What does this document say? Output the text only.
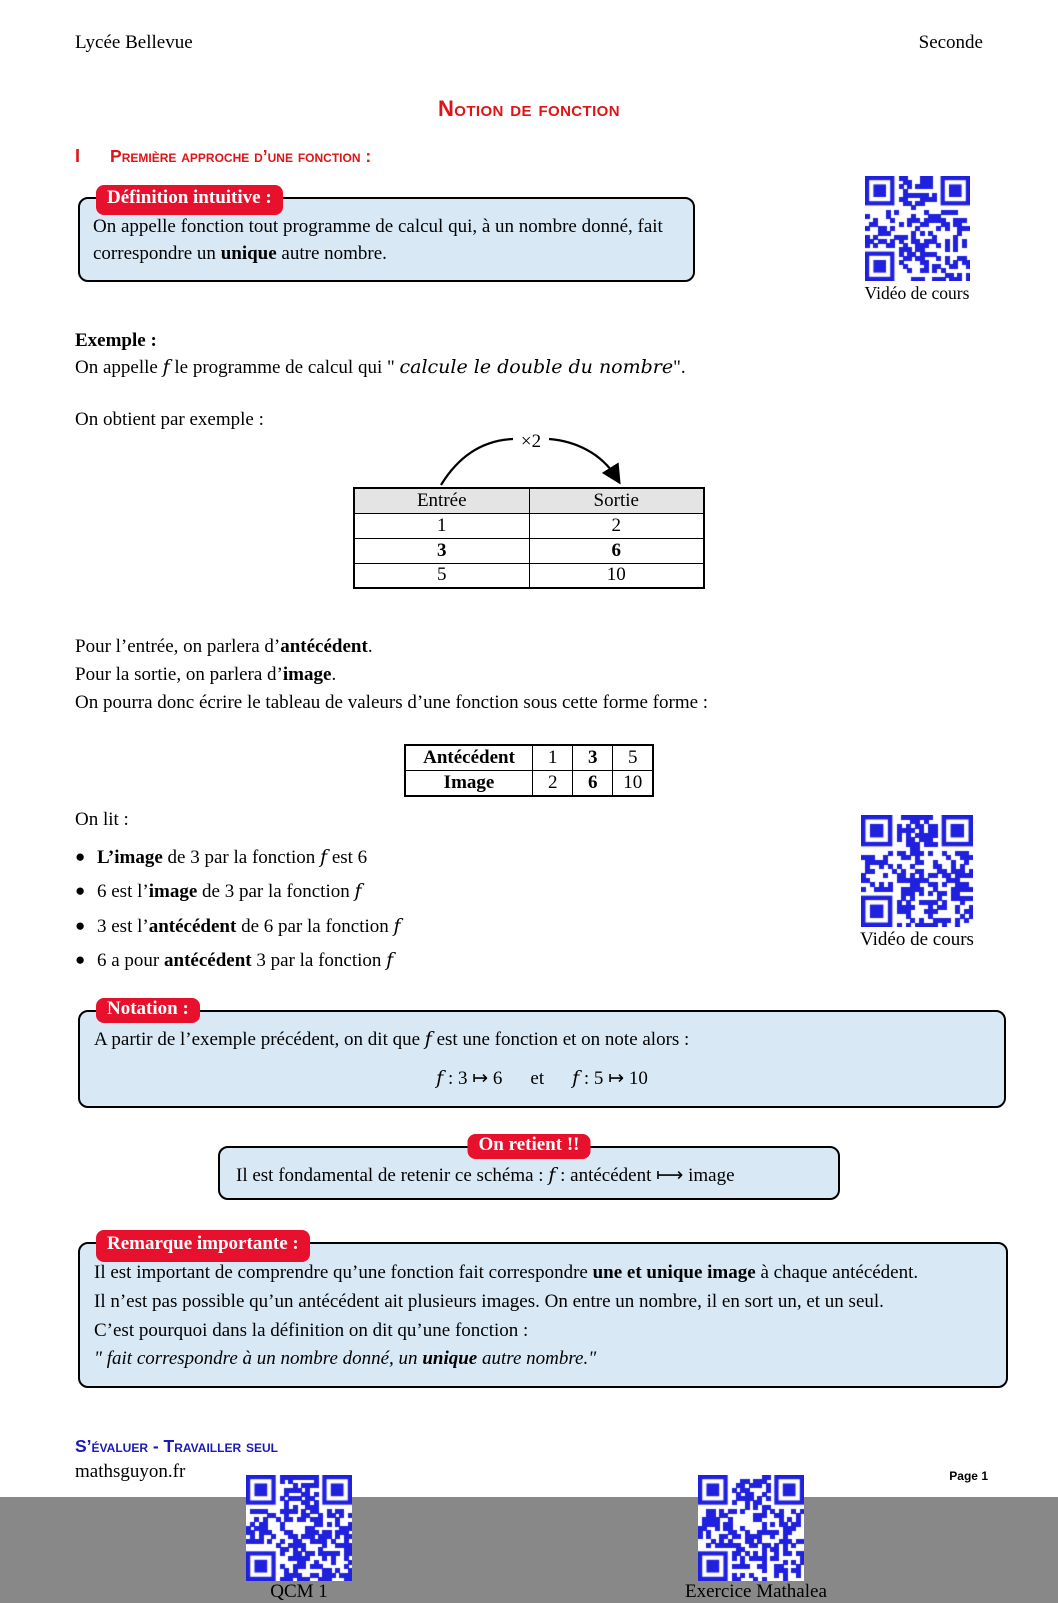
Lycée Bellevue	Seconde
Notion de fonction
I Première approche d’une fonction :
Définition intuitive :
On appelle fonction tout programme de calcul qui, à un nombre donné, fait correspondre un unique autre nombre.
Vidéo de cours
Exemple :
On appelle f le programme de calcul qui " calcule le double du nombre".
On obtient par exemple :
×2
Entrée	Sortie
1	2
3	6
5	10
Pour l’entrée, on parlera d’antécédent.
Pour la sortie, on parlera d’image.
On pourra donc écrire le tableau de valeurs d’une fonction sous cette forme forme :
Antécédent	1	3	5
Image	2	6	10
On lit :
● L’image de 3 par la fonction f est 6
● 6 est l’image de 3 par la fonction f
● 3 est l’antécédent de 6 par la fonction f
● 6 a pour antécédent 3 par la fonction f
Vidéo de cours
Notation :
A partir de l’exemple précédent, on dit que f est une fonction et on note alors :
f : 3 ↦ 6 et f : 5 ↦ 10
On retient !!
Il est fondamental de retenir ce schéma : f : antécédent ⟼ image
Remarque importante :
Il est important de comprendre qu’une fonction fait correspondre une et unique image à chaque antécédent.
Il n’est pas possible qu’un antécédent ait plusieurs images. On entre un nombre, il en sort un, et un seul.
C’est pourquoi dans la définition on dit qu’une fonction :
" fait correspondre à un nombre donné, un unique autre nombre."
S’évaluer - Travailler seul
QCM 1	Exercice Mathalea
mathsguyon.fr	Page 1
